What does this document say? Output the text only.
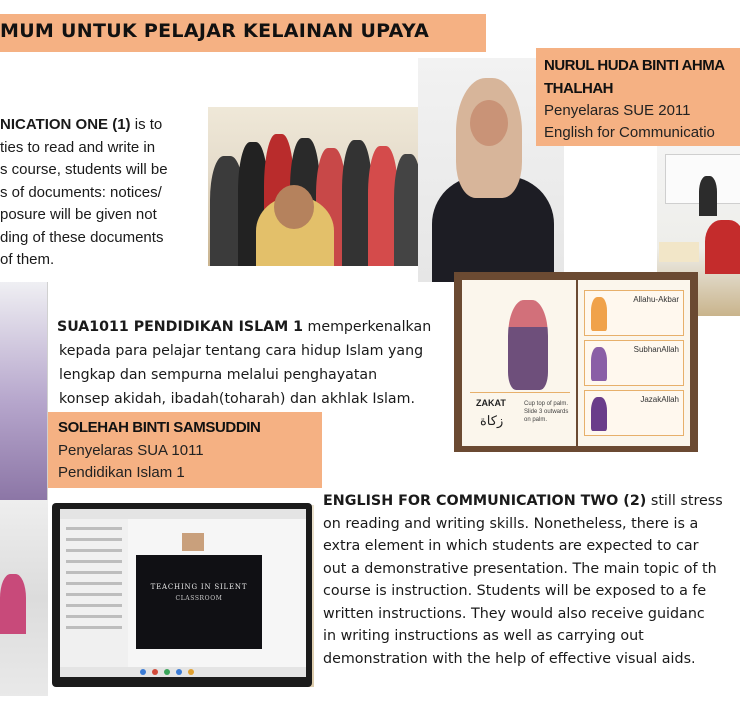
MUM UNTUK PELAJAR KELAINAN UPAYA
NICATION ONE (1) is to
ties to read and write in
s course, students will be
s of documents: notices/
posure will be given not
ding of these documents
of them.
NURUL HUDA BINTI AHMA
THALHAH
Penyelaras SUE 2011
English for Communicatio
ZAKAT
زكاة
Cup top of palm. Slide 3 outwards on palm.
Allahu-Akbar
SubhanAllah
JazakAllah
SUA1011 PENDIDIKAN ISLAM 1 memperkenalkan
kepada para pelajar tentang cara hidup Islam yang
lengkap dan sempurna melalui penghayatan
konsep akidah, ibadah(toharah) dan akhlak Islam.
SOLEHAH BINTI SAMSUDDIN
Penyelaras SUA 1011
Pendidikan Islam 1
TEACHING IN SILENT
CLASSROOM
ENGLISH FOR COMMUNICATION TWO (2) still stress
on reading and writing skills. Nonetheless, there is a
extra element in which students are expected to car
out a demonstrative presentation. The main topic of th
course is instruction. Students will be exposed to a fe
written instructions. They would also receive guidanc
in writing instructions as well as carrying out
demonstration with the help of effective visual aids.
